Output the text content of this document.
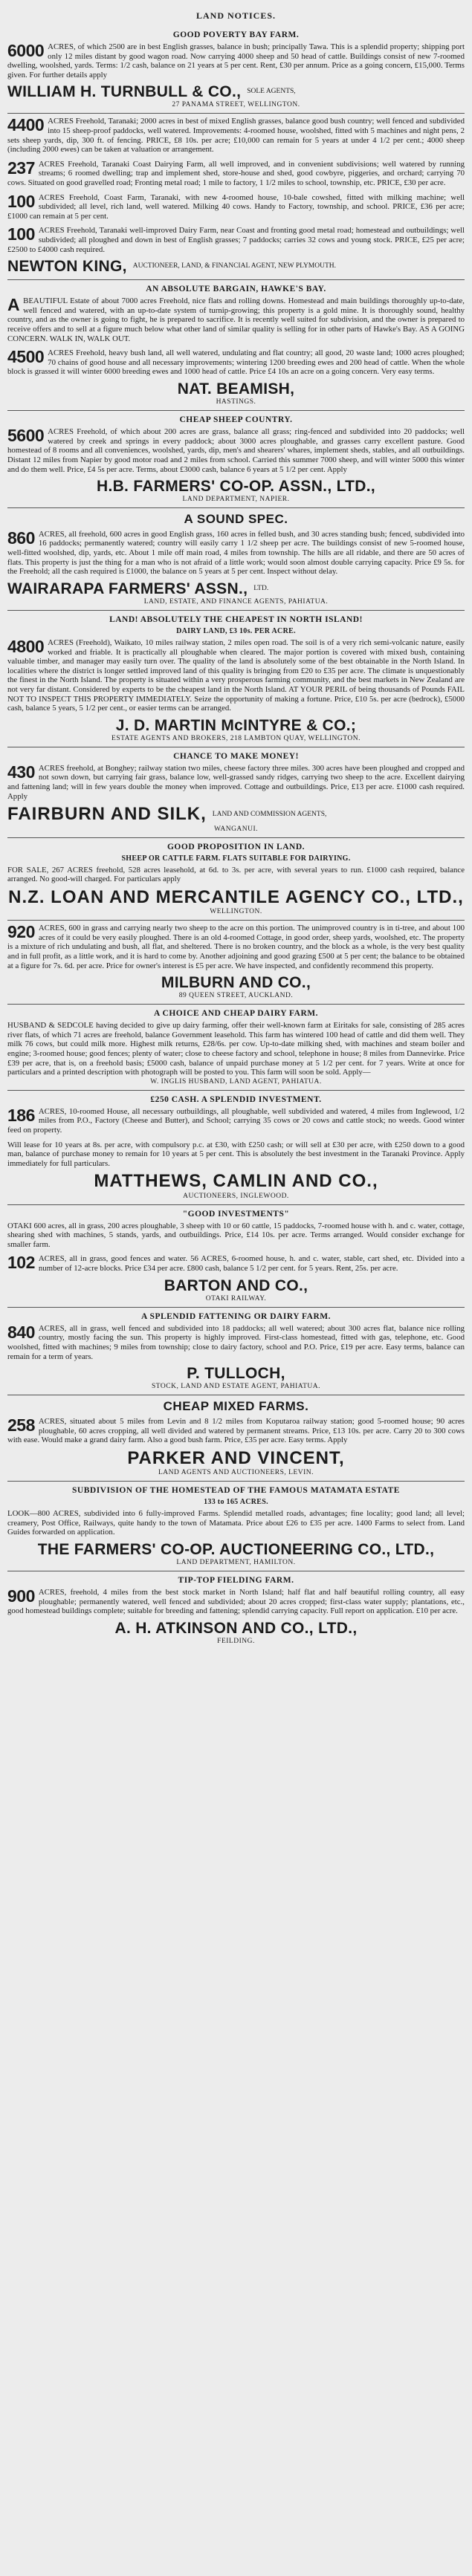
LAND NOTICES.
GOOD POVERTY BAY FARM.

6000 ACRES, of which 2500 are in best English grasses, balance in bush; principally Tawa. This is a splendid property; shipping port only 12 miles distant by good wagon road. Now carrying 4000 sheep and 50 head of cattle. Buildings consist of new 7-roomed dwelling, woolshed, yards. Terms: 1/2 cash, balance on 21 years at 5 per cent. Rent, £30 per annum. Price as a going concern, £15,000. Terms given. For further details apply

WILLIAM H. TURNBULL & CO., SOLE AGENTS,
27 PANAMA STREET, WELLINGTON.

4400 ACRES Freehold, Taranaki; 2000 acres in best of mixed English grasses, balance good bush country; well fenced and subdivided into 15 sheep-proof paddocks, well watered. Improvements: 4-roomed house, woolshed, fitted with 5 machines and night pens, 2 sets sheep yards, dip, 300 ft. of fencing. PRICE, £8 10s. per acre; £10,000 can remain for 5 years at under 4 1/2 per cent.; 4000 sheep (including 2000 ewes) can be taken at valuation or arrangement.

237 ACRES Freehold, Taranaki Coast Dairying Farm, all well improved, and in convenient subdivisions; well watered by running streams; 6 roomed dwelling; trap and implement shed, store-house and shed, good cowbyre, piggeries, and orchard; carrying 70 cows. Situated on good gravelled road; Fronting metal road; 1 mile to factory, 1 1/2 miles to school, township, etc. PRICE, £30 per acre.

100 ACRES Freehold, Coast Farm, Taranaki, with new 4-roomed house, 10-bale cowshed, fitted with milking machine; well subdivided; all level, rich land, well watered. Milking 40 cows. Handy to Factory, township, and school. PRICE, £36 per acre; £1000 can remain at 5 per cent.

100 ACRES Freehold, Taranaki well-improved Dairy Farm, near Coast and fronting good metal road; homestead and outbuildings; well subdivided; all ploughed and down in best of English grasses; 7 paddocks; carries 32 cows and young stock. PRICE, £25 per acre; £2500 to £4000 cash required.

NEWTON KING, AUCTIONEER, LAND, & FINANCIAL AGENT, NEW PLYMOUTH.
AN ABSOLUTE BARGAIN, HAWKE'S BAY.

ABEAUTIFUL Estate of about 7000 acres Freehold, nice flats and rolling downs. Homestead and main buildings thoroughly up-to-date, well fenced and watered, with an up-to-date system of turnip-growing; this property is a gold mine. It is thoroughly sound, healthy country, and as the owner is going to fight, he is prepared to sacrifice. It is recently well suited for subdivision, and the owner is prepared to receive offers and to sell at a figure much below what other land of similar quality is selling for in other parts of Hawke's Bay. AS A GOING CONCERN. WALK IN, WALK OUT.

4500 ACRES Freehold, heavy bush land, all well watered, undulating and flat country; all good, 20 waste land; 1000 acres ploughed; 70 chains of good house and all necessary improvements; wintering 1200 breeding ewes and 200 head of cattle. When the whole block is grassed it will winter 6000 breeding ewes and 1000 head of cattle. Price £4 10s an acre on a going concern. Very easy terms.

NAT. BEAMISH,
HASTINGS.
CHEAP SHEEP COUNTRY.

5600 ACRES Freehold, of which about 200 acres are grass, balance all grass; ring-fenced and subdivided into 20 paddocks; well watered by creek and springs in every paddock; about 3000 acres ploughable, and grasses carry excellent pasture. Good homestead of 8 rooms and all conveniences, woolshed, yards, dip, men's and shearers' whares, implement sheds, stables, and all outbuildings. Distant 12 miles from Napier by good motor road and 2 miles from school. Carried this summer 7000 sheep, and will winter 5000 this winter and do them well. Price, £4 5s per acre. Terms, about £3000 cash, balance 6 years at 5 1/2 per cent. Apply

H.B. FARMERS' CO-OP. ASSN., LTD.,
LAND DEPARTMENT, NAPIER.
A SOUND SPEC.

860 ACRES, all freehold, 600 acres in good English grass, 160 acres in felled bush, and 30 acres standing bush; fenced, subdivided into 16 paddocks; permanently watered; country will easily carry 1 1/2 sheep per acre. The buildings consist of new 5-roomed house, well-fitted woolshed, dip, yards, etc. About 1 mile off main road, 4 miles from township. The hills are all ridable, and there are 50 acres of flats. This property is just the thing for a man who is not afraid of a little work; would soon almost double carrying capacity. Price £9 5s. for the Freehold; all the cash required is £1000, the balance on 5 years at 5 per cent. Inspect without delay.

WAIRARAPA FARMERS' ASSN., LTD.
LAND, ESTATE, AND FINANCE AGENTS, PAHIATUA.
LAND! ABSOLUTELY THE CHEAPEST IN NORTH ISLAND!
DAIRY LAND, £3 10s. PER ACRE.

4800 ACRES (Freehold), Waikato, 10 miles railway station, 2 miles open road. The soil is of a very rich semi-volcanic nature, easily worked and friable. It is practically all ploughable when cleared. The major portion is covered with mixed bush, containing valuable timber, and manager may easily turn over. The quality of the land is absolutely some of the best obtainable in the North Island. In localities where the district is longer settled improved land of this quality is bringing from £20 to £35 per acre. The climate is unquestionably the finest in the North Island. The property is situated within a very prosperous farming community, and the best markets in New Zealand are not very far distant. Considered by experts to be the cheapest land in the North Island. AT YOUR PERIL of being thousands of Pounds FAIL NOT TO INSPECT THIS PROPERTY IMMEDIATELY. Seize the opportunity of making a fortune. Price, £10 5s. per acre (bedrock), £5000 cash, balance 5 years, 5 1/2 per cent., or easier terms can be arranged.

J. D. MARTIN McINTYRE & CO.;
ESTATE AGENTS AND BROKERS, 218 LAMBTON QUAY, WELLINGTON.
CHANCE TO MAKE MONEY!

430 ACRES freehold, at Bonghey; railway station two miles, cheese factory three miles. 300 acres have been ploughed and cropped and not sown down, but carrying fair grass, balance low, well-grassed sandy ridges, carrying two sheep to the acre. Excellent dairying and fattening land; will in few years double the money when improved. Cottage and outbuildings. Price, £13 per acre. £1000 cash required. Apply

FAIRBURN AND SILK, LAND AND COMMISSION AGENTS,
WANGANUI.
GOOD PROPOSITION IN LAND.
SHEEP OR CATTLE FARM. FLATS SUITABLE FOR DAIRYING.

FOR SALE, 267 ACRES freehold, 528 acres leasehold, at 6d. to 3s. per acre, with several years to run. £1000 cash required, balance arranged. No good-will charged. For particulars apply

N.Z. LOAN AND MERCANTILE AGENCY CO., LTD.,
WELLINGTON.

920 ACRES, 600 in grass and carrying nearly two sheep to the acre on this portion. The unimproved country is in ti-tree, and about 100 acres of it could be very easily ploughed. There is an old 4-roomed Cottage, in good order, sheep yards, woolshed, etc. The property is a mixture of rich undulating and bush, all flat, and sheltered. There is no broken country, and the block as a whole, is the very best quality and in full profit, as a little work, and it is hard to come by. Another adjoining and good grazing £500 at 5 per cent; the balance to be obtained at a figure for 7s. 6d. per acre. Price for owner's interest is £5 per acre. We have inspected, and confidently recommend this property.

MILBURN AND CO.,
89 QUEEN STREET, AUCKLAND.
A CHOICE AND CHEAP DAIRY FARM.

HUSBAND & SEDCOLE having decided to give up dairy farming, offer their well-known farm at Eiritaks for sale, consisting of 285 acres river flats, of which 71 acres are freehold, balance Government leasehold. This farm has wintered 100 head of cattle and did them well. They milk 76 cows, but could milk more. Highest milk returns, £28/6s. per cow. Up-to-date milking shed, with machines and steam boiler and engine; 3-roomed house; good fences; plenty of water; close to cheese factory and school, telephone in house; 8 miles from Dannevirke. Price £39 per acre, that is, on a freehold basis; £5000 cash, balance of unpaid purchase money at 5 1/2 per cent. for 7 years. Write at once for particulars and a printed description with photograph will be posted to you. This farm will soon be sold. Apply—

W. INGLIS HUSBAND, LAND AGENT, PAHIATUA.
£250 CASH. A SPLENDID INVESTMENT.

186 ACRES, 10-roomed House, all necessary outbuildings, all ploughable, well subdivided and watered, 4 miles from Inglewood, 1/2 miles from P.O., Factory (Cheese and Butter), and School; carrying 35 cows or 20 cows and cattle stock; no weeds. Good winter feed on property.

Will lease for 10 years at 8s. per acre, with compulsory p.c. at £30, with £250 cash; or will sell at £30 per acre, with £250 down to a good man, balance of purchase money to remain for 10 years at 5 per cent. This is absolutely the best investment in the Taranaki Province. Apply immediately for full particulars.

MATTHEWS, CAMLIN AND CO.,
AUCTIONEERS, INGLEWOOD.
"GOOD INVESTMENTS"

OTAKI 600 acres, all in grass, 200 acres ploughable, 3 sheep with 10 or 60 cattle, 15 paddocks, 7-roomed house with h. and c. water, cottage, shearing shed with machines, 5 stands, yards, and outbuildings. Price, £14 10s. per acre. Terms arranged. Would consider exchange for smaller farm.

102 ACRES, all in grass, good fences and water. 56 ACRES, 6-roomed house, h. and c. water, stable, cart shed, etc. Divided into a number of 12-acre blocks. Price £34 per acre. £800 cash, balance 5 1/2 per cent. for 5 years. Rent, 25s. per acre.

BARTON AND CO.,
OTAKI RAILWAY.
A SPLENDID FATTENING OR DAIRY FARM.

840 ACRES, all in grass, well fenced and subdivided into 18 paddocks; all well watered; about 300 acres flat, balance nice rolling country, mostly facing the sun. This property is highly improved. First-class homestead, fitted with gas, telephone, etc. Good woolshed, fitted with machines; 9 miles from township; close to dairy factory, school and P.O. Price, £19 per acre. Easy terms, balance can remain for a term of years.

P. TULLOCH,
STOCK, LAND AND ESTATE AGENT, PAHIATUA.
CHEAP MIXED FARMS.

258 ACRES, situated about 5 miles from Levin and 8 1/2 miles from Koputaroa railway station; good 5-roomed house; 90 acres ploughable, 60 acres cropping, all well divided and watered by permanent streams. Price, £13 10s. per acre. Carry 20 to 300 cows with ease. Would make a grand dairy farm. Also a good bush farm. Price, £35 per acre. Easy terms. Apply

PARKER AND VINCENT,
LAND AGENTS AND AUCTIONEERS, LEVIN.
SUBDIVISION OF THE HOMESTEAD OF THE FAMOUS MATAMATA ESTATE
133 to 165 ACRES.

LOOK—800 ACRES, subdivided into 6 fully-improved Farms. Splendid metalled roads, advantages; fine locality; good land; all level; creamery, Post Office, Railways, quite handy to the town of Matamata. Price about £26 to £35 per acre. 1400 Farms to select from. Land Guides forwarded on application.

THE FARMERS' CO-OP. AUCTIONEERING CO., LTD.,
LAND DEPARTMENT, HAMILTON.
TIP-TOP FIELDING FARM.

900 ACRES, freehold, 4 miles from the best stock market in North Island; half flat and half beautiful rolling country, all easy ploughable; permanently watered, well fenced and subdivided; about 20 acres cropped; first-class water supply; plantations, etc., good homestead buildings complete; suitable for breeding and fattening; splendid carrying capacity. Full report on application. £10 per acre.

A. H. ATKINSON AND CO., LTD.,
FEILDING.
